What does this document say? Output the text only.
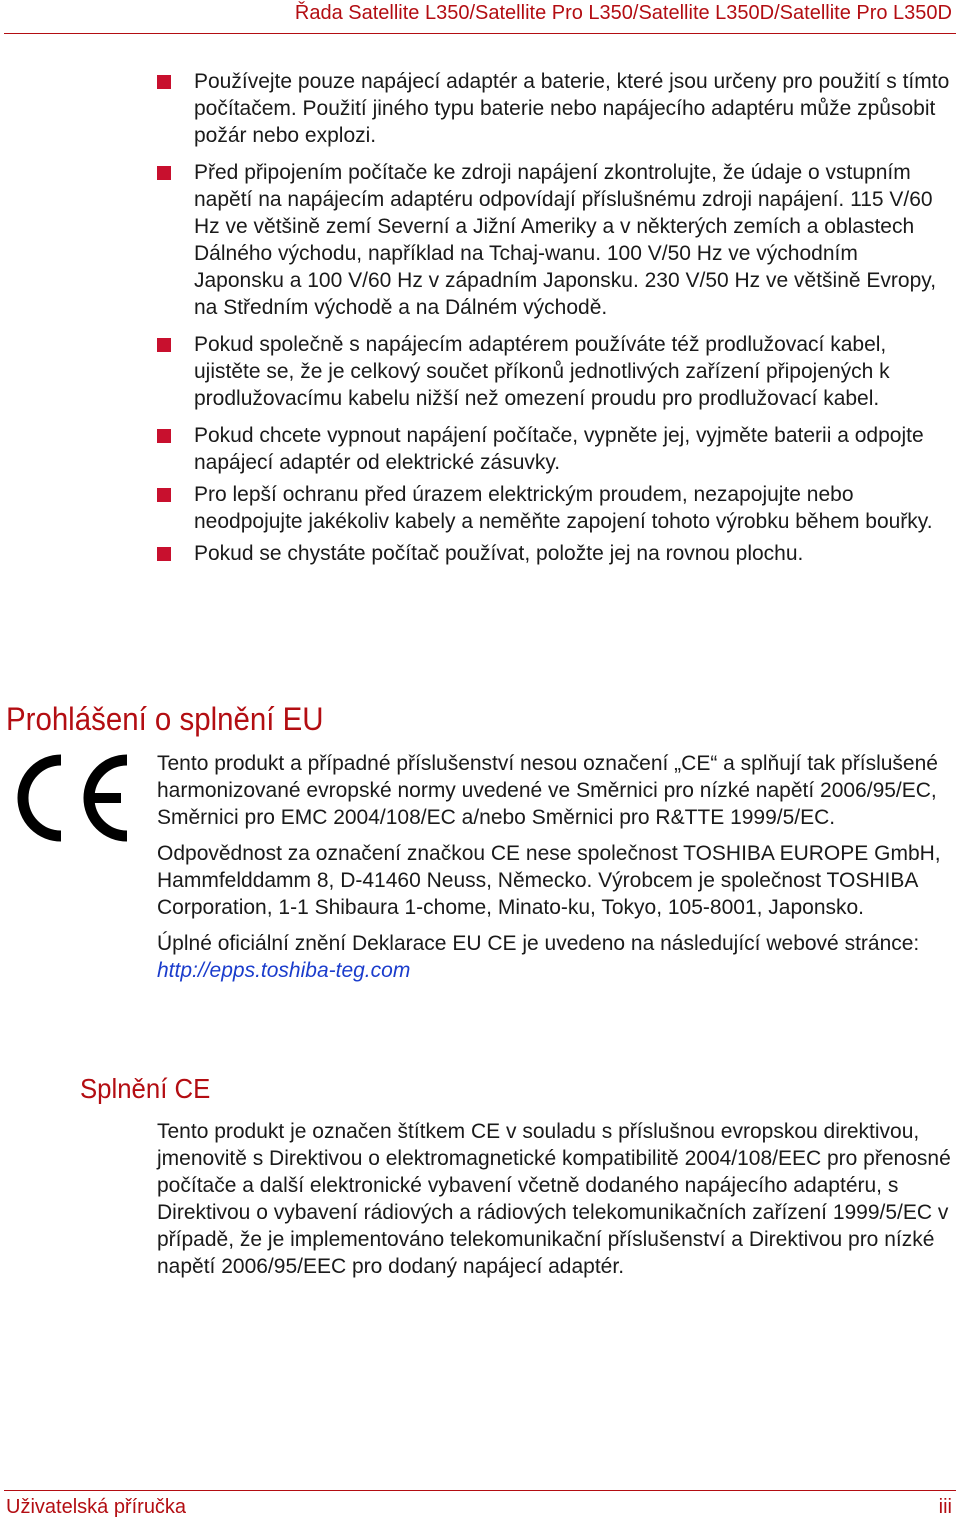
Řada Satellite L350/Satellite Pro L350/Satellite L350D/Satellite Pro L350D
Používejte pouze napájecí adaptér a baterie, které jsou určeny pro použití s tímto počítačem. Použití jiného typu baterie nebo napájecího adaptéru může způsobit požár nebo explozi.
Před připojením počítače ke zdroji napájení zkontrolujte, že údaje o vstupním napětí na napájecím adaptéru odpovídají příslušnému zdroji napájení. 115 V/60 Hz ve většině zemí Severní a Jižní Ameriky a v některých zemích a oblastech Dálného východu, například na Tchaj-wanu. 100 V/50 Hz ve východním Japonsku a 100 V/60 Hz v západním Japonsku. 230 V/50 Hz ve většině Evropy, na Středním východě a na Dálném východě.
Pokud společně s napájecím adaptérem používáte též prodlužovací kabel, ujistěte se, že je celkový součet příkonů jednotlivých zařízení připojených k prodlužovacímu kabelu nižší než omezení proudu pro prodlužovací kabel.
Pokud chcete vypnout napájení počítače, vypněte jej, vyjměte baterii a odpojte napájecí adaptér od elektrické zásuvky.
Pro lepší ochranu před úrazem elektrickým proudem, nezapojujte nebo neodpojujte jakékoliv kabely a neměňte zapojení tohoto výrobku během bouřky.
Pokud se chystáte počítač používat, položte jej na rovnou plochu.
Prohlášení o splnění EU

Tento produkt a případné příslušenství nesou označení „CE“ a splňují tak příslušené harmonizované evropské normy uvedené ve Směrnici pro nízké napětí 2006/95/EC, Směrnici pro EMC 2004/108/EC a/nebo Směrnici pro R&TTE 1999/5/EC.

Odpovědnost za označení značkou CE nese společnost TOSHIBA EUROPE GmbH, Hammfelddamm 8, D-41460 Neuss, Německo. Výrobcem je společnost TOSHIBA Corporation, 1-1 Shibaura 1-chome, Minato-ku, Tokyo, 105-8001, Japonsko.

Úplné oficiální znění Deklarace EU CE je uvedeno na následující webové stránce: http://epps.toshiba-teg.com

Splnění CE

Tento produkt je označen štítkem CE v souladu s příslušnou evropskou direktivou, jmenovitě s Direktivou o elektromagnetické kompatibilitě 2004/108/EEC pro přenosné počítače a další elektronické vybavení včetně dodaného napájecího adaptéru, s Direktivou o vybavení rádiových a rádiových telekomunikačních zařízení 1999/5/EC v případě, že je implementováno telekomunikační příslušenství a Direktivou pro nízké napětí 2006/95/EEC pro dodaný napájecí adaptér.

Uživatelská příručka	iii
